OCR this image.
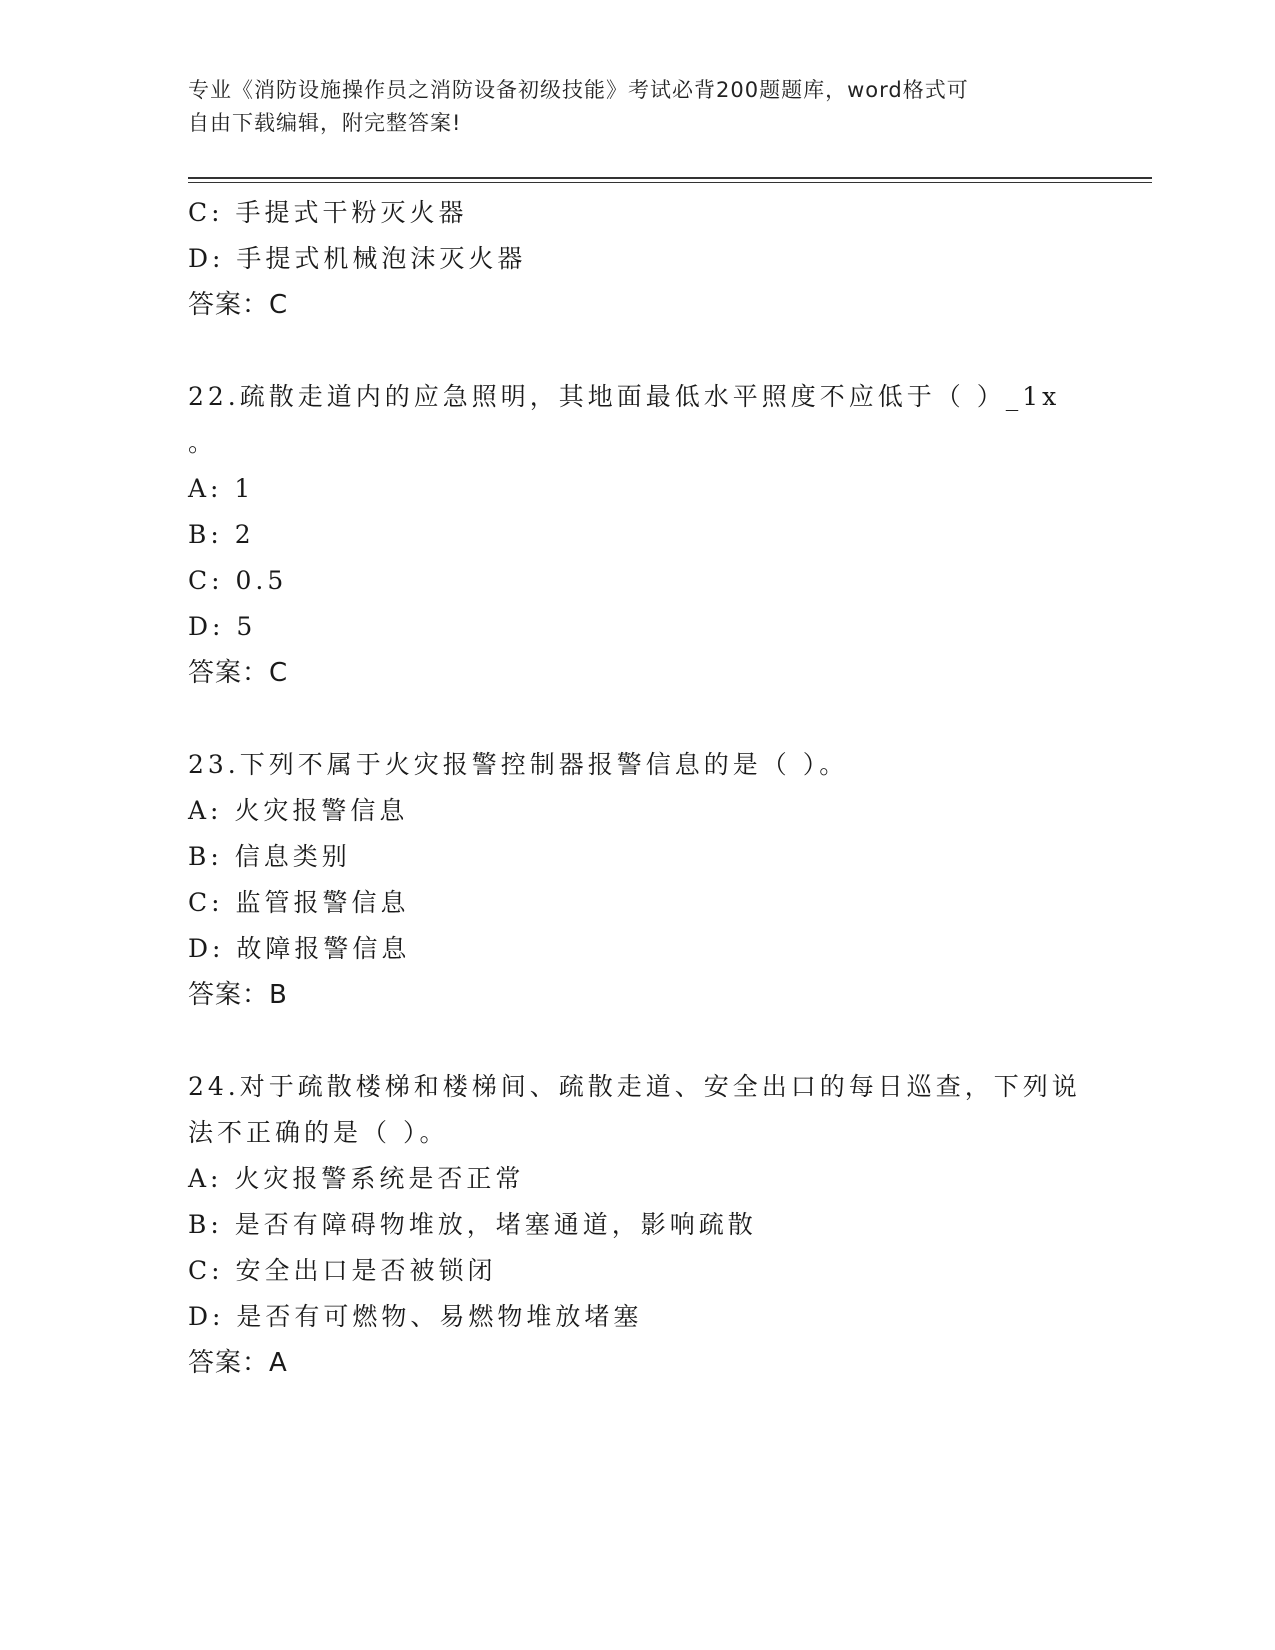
专业《消防设施操作员之消防设备初级技能》考试必背200题题库，word格式可
自由下载编辑，附完整答案!
C: 手提式干粉灭火器
D: 手提式机械泡沫灭火器
答案：C
22.疏散走道内的应急照明，其地面最低水平照度不应低于（ ）_1x
。
A: 1
B: 2
C: 0.5
D: 5
答案：C
23.下列不属于火灾报警控制器报警信息的是（ ）。
A: 火灾报警信息
B: 信息类别
C: 监管报警信息
D: 故障报警信息
答案：B
24.对于疏散楼梯和楼梯间、疏散走道、安全出口的每日巡查，下列说
法不正确的是（ ）。
A: 火灾报警系统是否正常
B: 是否有障碍物堆放，堵塞通道，影响疏散
C: 安全出口是否被锁闭
D: 是否有可燃物、易燃物堆放堵塞
答案：A
